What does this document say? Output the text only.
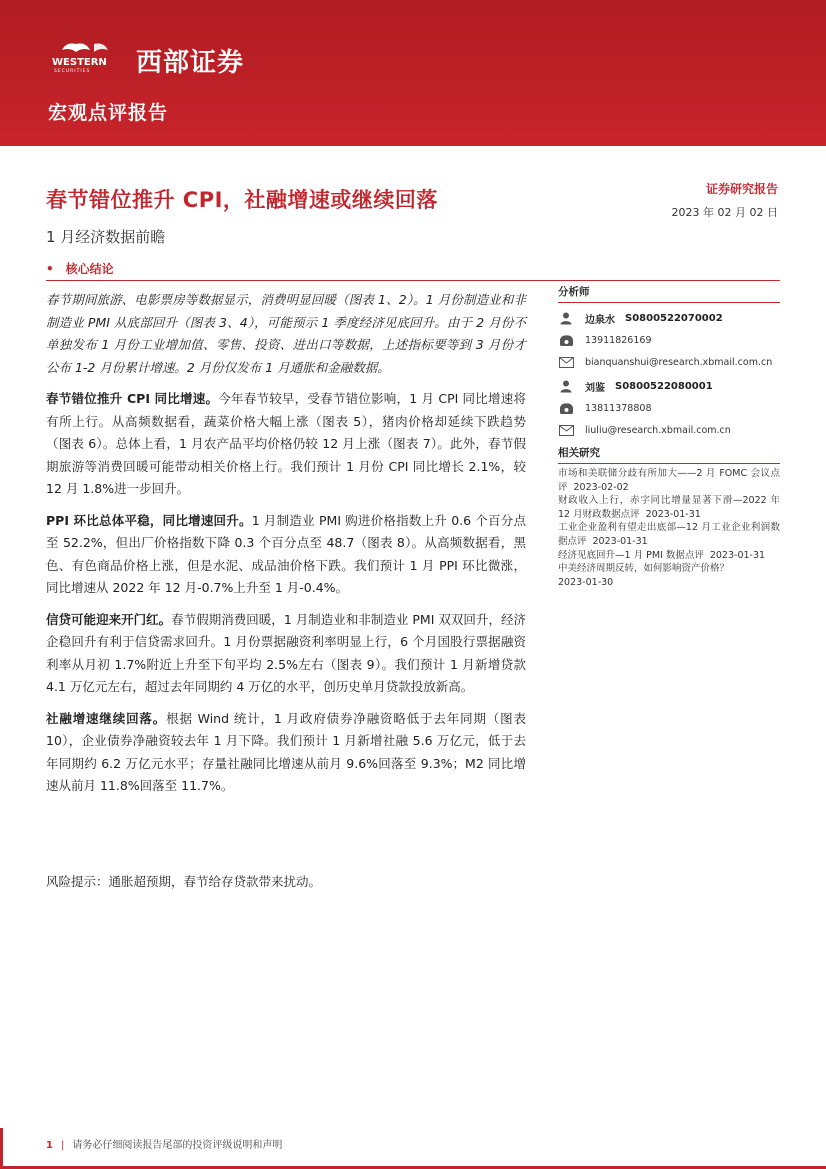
WESTERN
SECURITIES 西部证券
宏观点评报告
春节错位推升 CPI，社融增速或继续回落
1 月经济数据前瞻
证券研究报告
2023 年 02 月 02 日
• 核心结论

春节期间旅游、电影票房等数据显示，消费明显回暖（图表 1、2）。1 月份制造业和非制造业 PMI 从底部回升（图表 3、4），可能预示 1 季度经济见底回升。由于 2 月份不单独发布 1 月份工业增加值、零售、投资、进出口等数据，上述指标要等到 3 月份才公布 1-2 月份累计增速。2 月份仅发布 1 月通胀和金融数据。

春节错位推升 CPI 同比增速。今年春节较早，受春节错位影响，1 月 CPI 同比增速将有所上行。从高频数据看，蔬菜价格大幅上涨（图表 5），猪肉价格却延续下跌趋势（图表 6）。总体上看，1 月农产品平均价格仍较 12 月上涨（图表 7）。此外，春节假期旅游等消费回暖可能带动相关价格上行。我们预计 1 月份 CPI 同比增长 2.1%，较 12 月 1.8%进一步回升。

PPI 环比总体平稳，同比增速回升。1 月制造业 PMI 购进价格指数上升 0.6 个百分点至 52.2%，但出厂价格指数下降 0.3 个百分点至 48.7（图表 8）。从高频数据看，黑色、有色商品价格上涨，但是水泥、成品油价格下跌。我们预计 1 月 PPI 环比微涨，同比增速从 2022 年 12 月-0.7%上升至 1 月-0.4%。

信贷可能迎来开门红。春节假期消费回暖，1 月制造业和非制造业 PMI 双双回升，经济企稳回升有利于信贷需求回升。1 月份票据融资利率明显上行，6 个月国股行票据融资利率从月初 1.7%附近上升至下旬平均 2.5%左右（图表 9）。我们预计 1 月新增贷款 4.1 万亿元左右，超过去年同期约 4 万亿的水平，创历史单月贷款投放新高。

社融增速继续回落。根据 Wind 统计，1 月政府债券净融资略低于去年同期（图表 10），企业债券净融资较去年 1 月下降。我们预计 1 月新增社融 5.6 万亿元，低于去年同期约 6.2 万亿元水平；存量社融同比增速从前月 9.6%回落至 9.3%；M2 同比增速从前月 11.8%回落至 11.7%。

风险提示：通胀超预期，春节给存贷款带来扰动。
分析师
边泉水 S0800522070002
13911826169
bianquanshui@research.xbmail.com.cn
刘鉴 S0800522080001
13811378808
liuliu@research.xbmail.com.cn
相关研究
市场和美联储分歧有所加大——2 月 FOMC 会议点评 2023-02-02
财政收入上行，赤字同比增量显著下滑—2022 年 12 月财政数据点评 2023-01-31
工业企业盈利有望走出底部—12 月工业企业利润数据点评 2023-01-31
经济见底回升—1 月 PMI 数据点评 2023-01-31
中美经济周期反转，如何影响资产价格？
2023-01-30
1 | 请务必仔细阅读报告尾部的投资评级说明和声明
